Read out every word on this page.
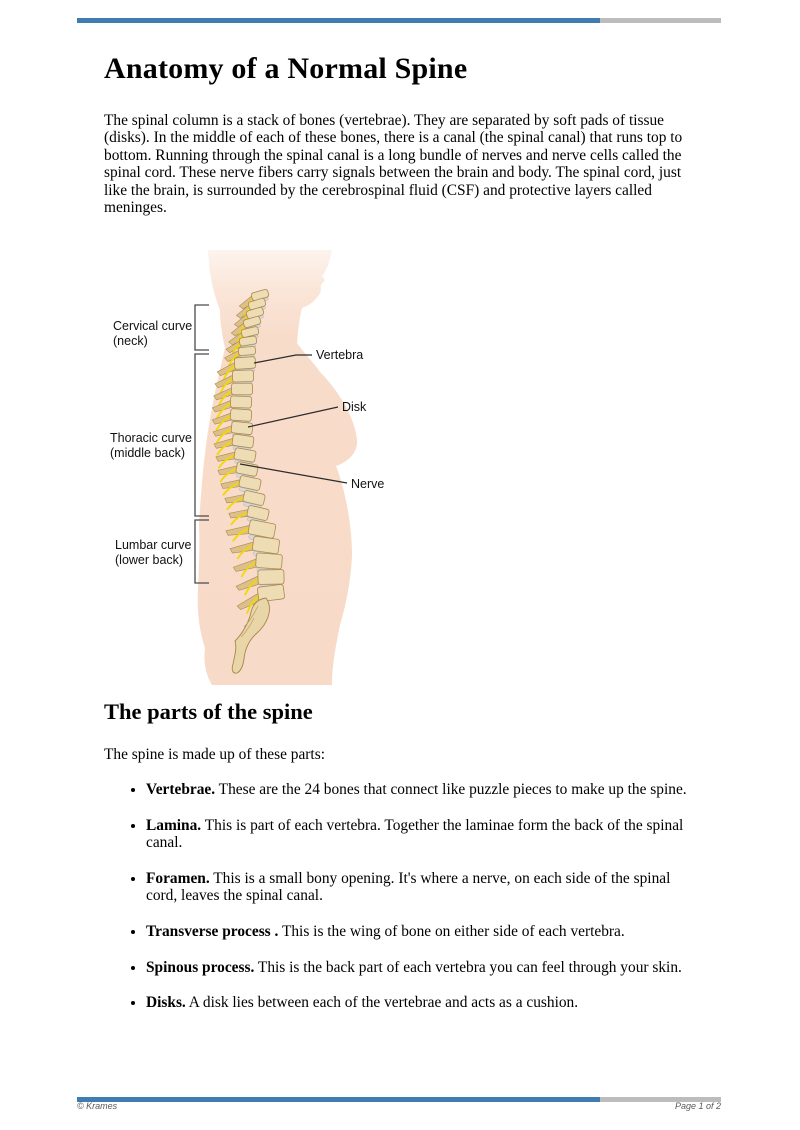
Anatomy of a Normal Spine

The spinal column is a stack of bones (vertebrae). They are separated by soft pads of tissue (disks). In the middle of each of these bones, there is a canal (the spinal canal) that runs top to bottom. Running through the spinal canal is a long bundle of nerves and nerve cells called the spinal cord. These nerve fibers carry signals between the brain and body. The spinal cord, just like the brain, is surrounded by the cerebrospinal fluid (CSF) and protective layers called meninges.

Cervical curve
(neck)
Thoracic curve
(middle back)
Lumbar curve
(lower back)
Vertebra
Disk
Nerve
The parts of the spine

The spine is made up of these parts:

• Vertebrae. These are the 24 bones that connect like puzzle pieces to make up the spine.
• Lamina. This is part of each vertebra. Together the laminae form the back of the spinal canal.
• Foramen. This is a small bony opening. It's where a nerve, on each side of the spinal cord, leaves the spinal canal.
• Transverse process . This is the wing of bone on either side of each vertebra.
• Spinous process. This is the back part of each vertebra you can feel through your skin.
• Disks. A disk lies between each of the vertebrae and acts as a cushion.
© Krames	Page 1 of 2
